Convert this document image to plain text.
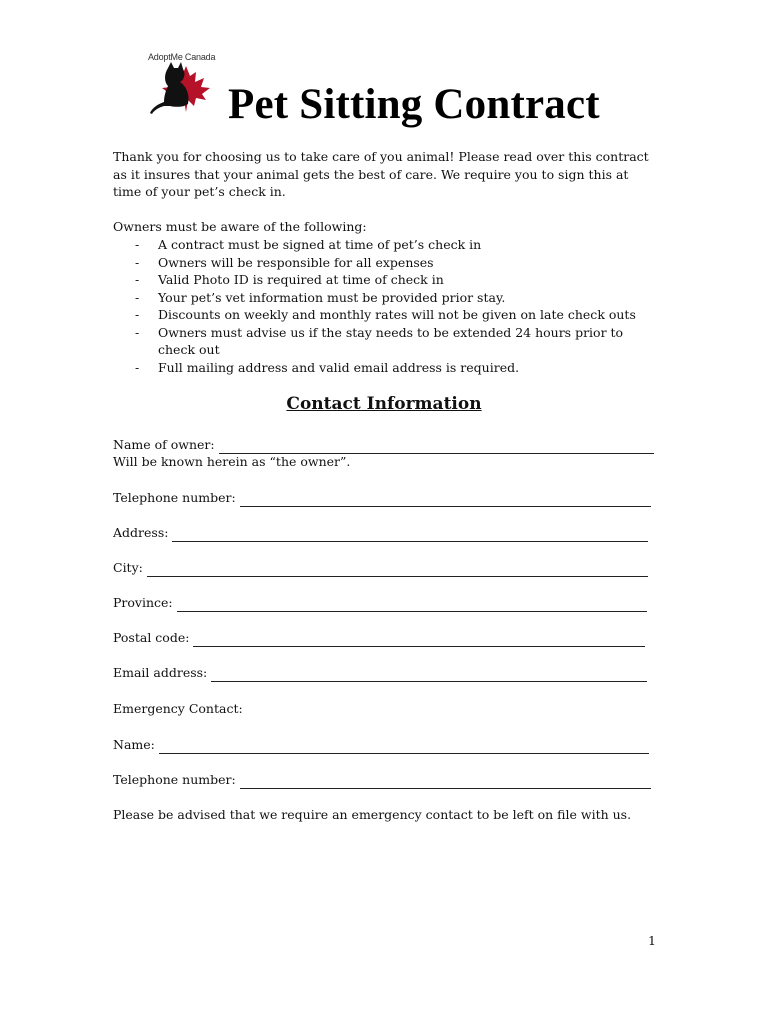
AdoptMe Canada
Pet Sitting Contract

Thank you for choosing us to take care of you animal! Please read over this contract
as it insures that your animal gets the best of care. We require you to sign this at
time of your pet’s check in.

Owners must be aware of the following:

- A contract must be signed at time of pet’s check in
- Owners will be responsible for all expenses
- Valid Photo ID is required at time of check in
- Your pet’s vet information must be provided prior stay.
- Discounts on weekly and monthly rates will not be given on late check outs
- Owners must advise us if the stay needs to be extended 24 hours prior to check out
- Full mailing address and valid email address is required.
Contact Information
Name of owner:

Will be known herein as “the owner”.

Telephone number:
Address:
City:
Province:
Postal code:
Email address:

Emergency Contact:

Name:
Telephone number:

Please be advised that we require an emergency contact to be left on file with us.

1
